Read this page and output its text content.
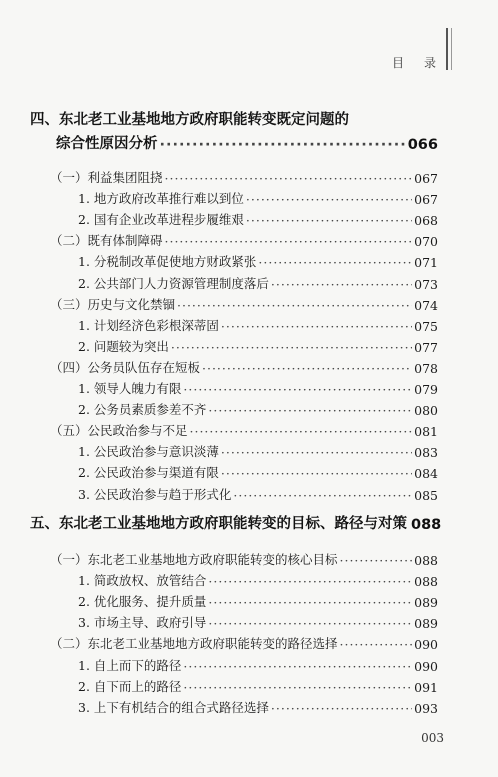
目　录
四、东北老工业基地地方政府职能转变既定问题的
综合性原因分析 ·····	066
（一）利益集团阻挠 ·····	067
1. 地方政府改革推行难以到位 ·····	067
2. 国有企业改革进程步履维艰 ·····	068
（二）既有体制障碍 ·····	070
1. 分税制改革促使地方财政紧张 ·····	071
2. 公共部门人力资源管理制度落后 ·····	073
（三）历史与文化禁锢 ·····	074
1. 计划经济色彩根深蒂固 ·····	075
2. 问题较为突出 ·····	077
（四）公务员队伍存在短板 ·····	078
1. 领导人魄力有限 ·····	079
2. 公务员素质参差不齐 ·····	080
（五）公民政治参与不足 ·····	081
1. 公民政治参与意识淡薄 ·····	083
2. 公民政治参与渠道有限 ·····	084
3. 公民政治参与趋于形式化 ·····	085
五、东北老工业基地地方政府职能转变的目标、路径与对策 088
（一）东北老工业基地地方政府职能转变的核心目标 ·····	088
1. 简政放权、放管结合 ·····	088
2. 优化服务、提升质量 ·····	089
3. 市场主导、政府引导 ·····	089
（二）东北老工业基地地方政府职能转变的路径选择 ·····	090
1. 自上而下的路径 ·····	090
2. 自下而上的路径 ·····	091
3. 上下有机结合的组合式路径选择 ·····	093
003
